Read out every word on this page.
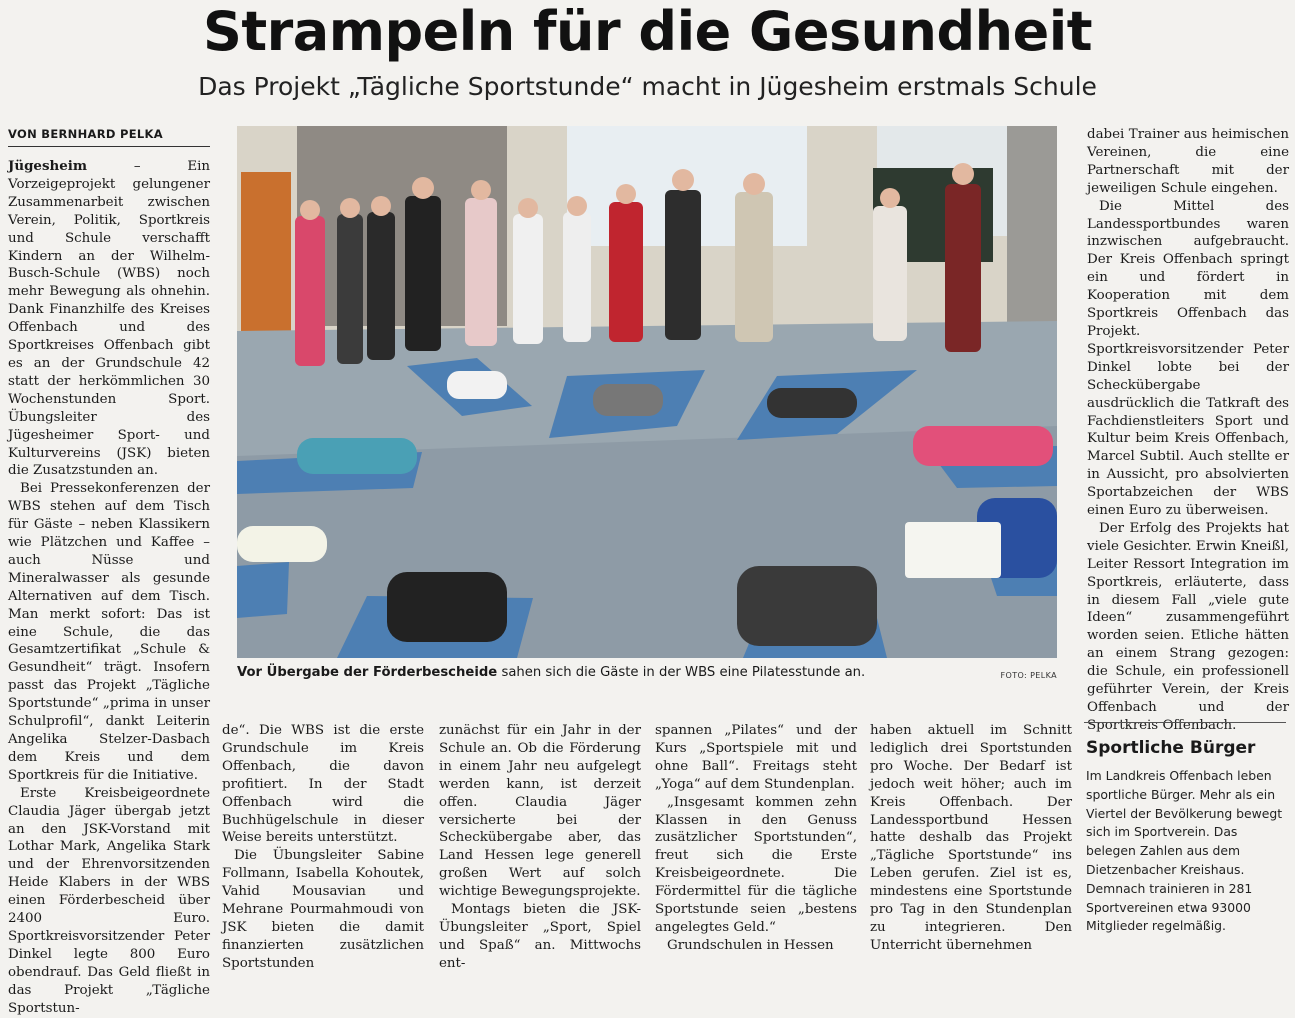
Strampeln für die Gesundheit
Das Projekt „Tägliche Sportstunde“ macht in Jügesheim erstmals Schule
VON BERNHARD PELKA

Jügesheim – Ein Vorzeigeprojekt gelungener Zusammenarbeit zwischen Verein, Politik, Sportkreis und Schule verschafft Kindern an der Wilhelm-Busch-Schule (WBS) noch mehr Bewegung als ohnehin. Dank Finanzhilfe des Kreises Offenbach und des Sportkreises Offenbach gibt es an der Grundschule 42 statt der herkömmlichen 30 Wochenstunden Sport. Übungsleiter des Jügesheimer Sport- und Kulturvereins (JSK) bieten die Zusatzstunden an.

Bei Pressekonferenzen der WBS stehen auf dem Tisch für Gäste – neben Klassikern wie Plätzchen und Kaffee – auch Nüsse und Mineralwasser als gesunde Alternativen auf dem Tisch. Man merkt sofort: Das ist eine Schule, die das Gesamtzertifikat „Schule & Gesundheit“ trägt. Insofern passt das Projekt „Tägliche Sportstunde“ „prima in unser Schulprofil“, dankt Leiterin Angelika Stelzer-Dasbach dem Kreis und dem Sportkreis für die Initiative.

Erste Kreisbeigeordnete Claudia Jäger übergab jetzt an den JSK-Vorstand mit Lothar Mark, Angelika Stark und der Ehrenvorsitzenden Heide Klabers in der WBS einen Förderbescheid über 2400 Euro. Sportkreisvorsitzender Peter Dinkel legte 800 Euro obendrauf. Das Geld fließt in das Projekt „Tägliche Sportstun-

Vor Übergabe der Förderbescheide sahen sich die Gäste in der WBS eine Pilatesstunde an.	FOTO: PELKA

de“. Die WBS ist die erste Grundschule im Kreis Offenbach, die davon profitiert. In der Stadt Offenbach wird die Buchhügelschule in dieser Weise bereits unterstützt.

Die Übungsleiter Sabine Follmann, Isabella Kohoutek, Vahid Mousavian und Mehrane Pourmahmoudi von JSK bieten die damit finanzierten zusätzlichen Sportstunden

zunächst für ein Jahr in der Schule an. Ob die Förderung in einem Jahr neu aufgelegt werden kann, ist derzeit offen. Claudia Jäger versicherte bei der Scheckübergabe aber, das Land Hessen lege generell großen Wert auf solch wichtige Bewegungsprojekte.

Montags bieten die JSK-Übungsleiter „Sport, Spiel und Spaß“ an. Mittwochs ent-

spannen „Pilates“ und der Kurs „Sportspiele mit und ohne Ball“. Freitags steht „Yoga“ auf dem Stundenplan.

„Insgesamt kommen zehn Klassen in den Genuss zusätzlicher Sportstunden“, freut sich die Erste Kreisbeigeordnete. Die Fördermittel für die tägliche Sportstunde seien „bestens angelegtes Geld.“

Grundschulen in Hessen

haben aktuell im Schnitt lediglich drei Sportstunden pro Woche. Der Bedarf ist jedoch weit höher; auch im Kreis Offenbach. Der Landessportbund Hessen hatte deshalb das Projekt „Tägliche Sportstunde“ ins Leben gerufen. Ziel ist es, mindestens eine Sportstunde pro Tag in den Stundenplan zu integrieren. Den Unterricht übernehmen

dabei Trainer aus heimischen Vereinen, die eine Partnerschaft mit der jeweiligen Schule eingehen.

Die Mittel des Landessportbundes waren inzwischen aufgebraucht. Der Kreis Offenbach springt ein und fördert in Kooperation mit dem Sportkreis Offenbach das Projekt. Sportkreisvorsitzender Peter Dinkel lobte bei der Scheckübergabe ausdrücklich die Tatkraft des Fachdienstleiters Sport und Kultur beim Kreis Offenbach, Marcel Subtil. Auch stellte er in Aussicht, pro absolvierten Sportabzeichen der WBS einen Euro zu überweisen.

Der Erfolg des Projekts hat viele Gesichter. Erwin Kneißl, Leiter Ressort Integration im Sportkreis, erläuterte, dass in diesem Fall „viele gute Ideen“ zusammengeführt worden seien. Etliche hätten an einem Strang gezogen: die Schule, ein professionell geführter Verein, der Kreis Offenbach und der Sportkreis Offenbach.

Sportliche Bürger
Im Landkreis Offenbach leben sportliche Bürger. Mehr als ein Viertel der Bevölkerung bewegt sich im Sportverein. Das belegen Zahlen aus dem Dietzenbacher Kreishaus. Demnach trainieren in 281 Sportvereinen etwa 93000 Mitglieder regelmäßig.
